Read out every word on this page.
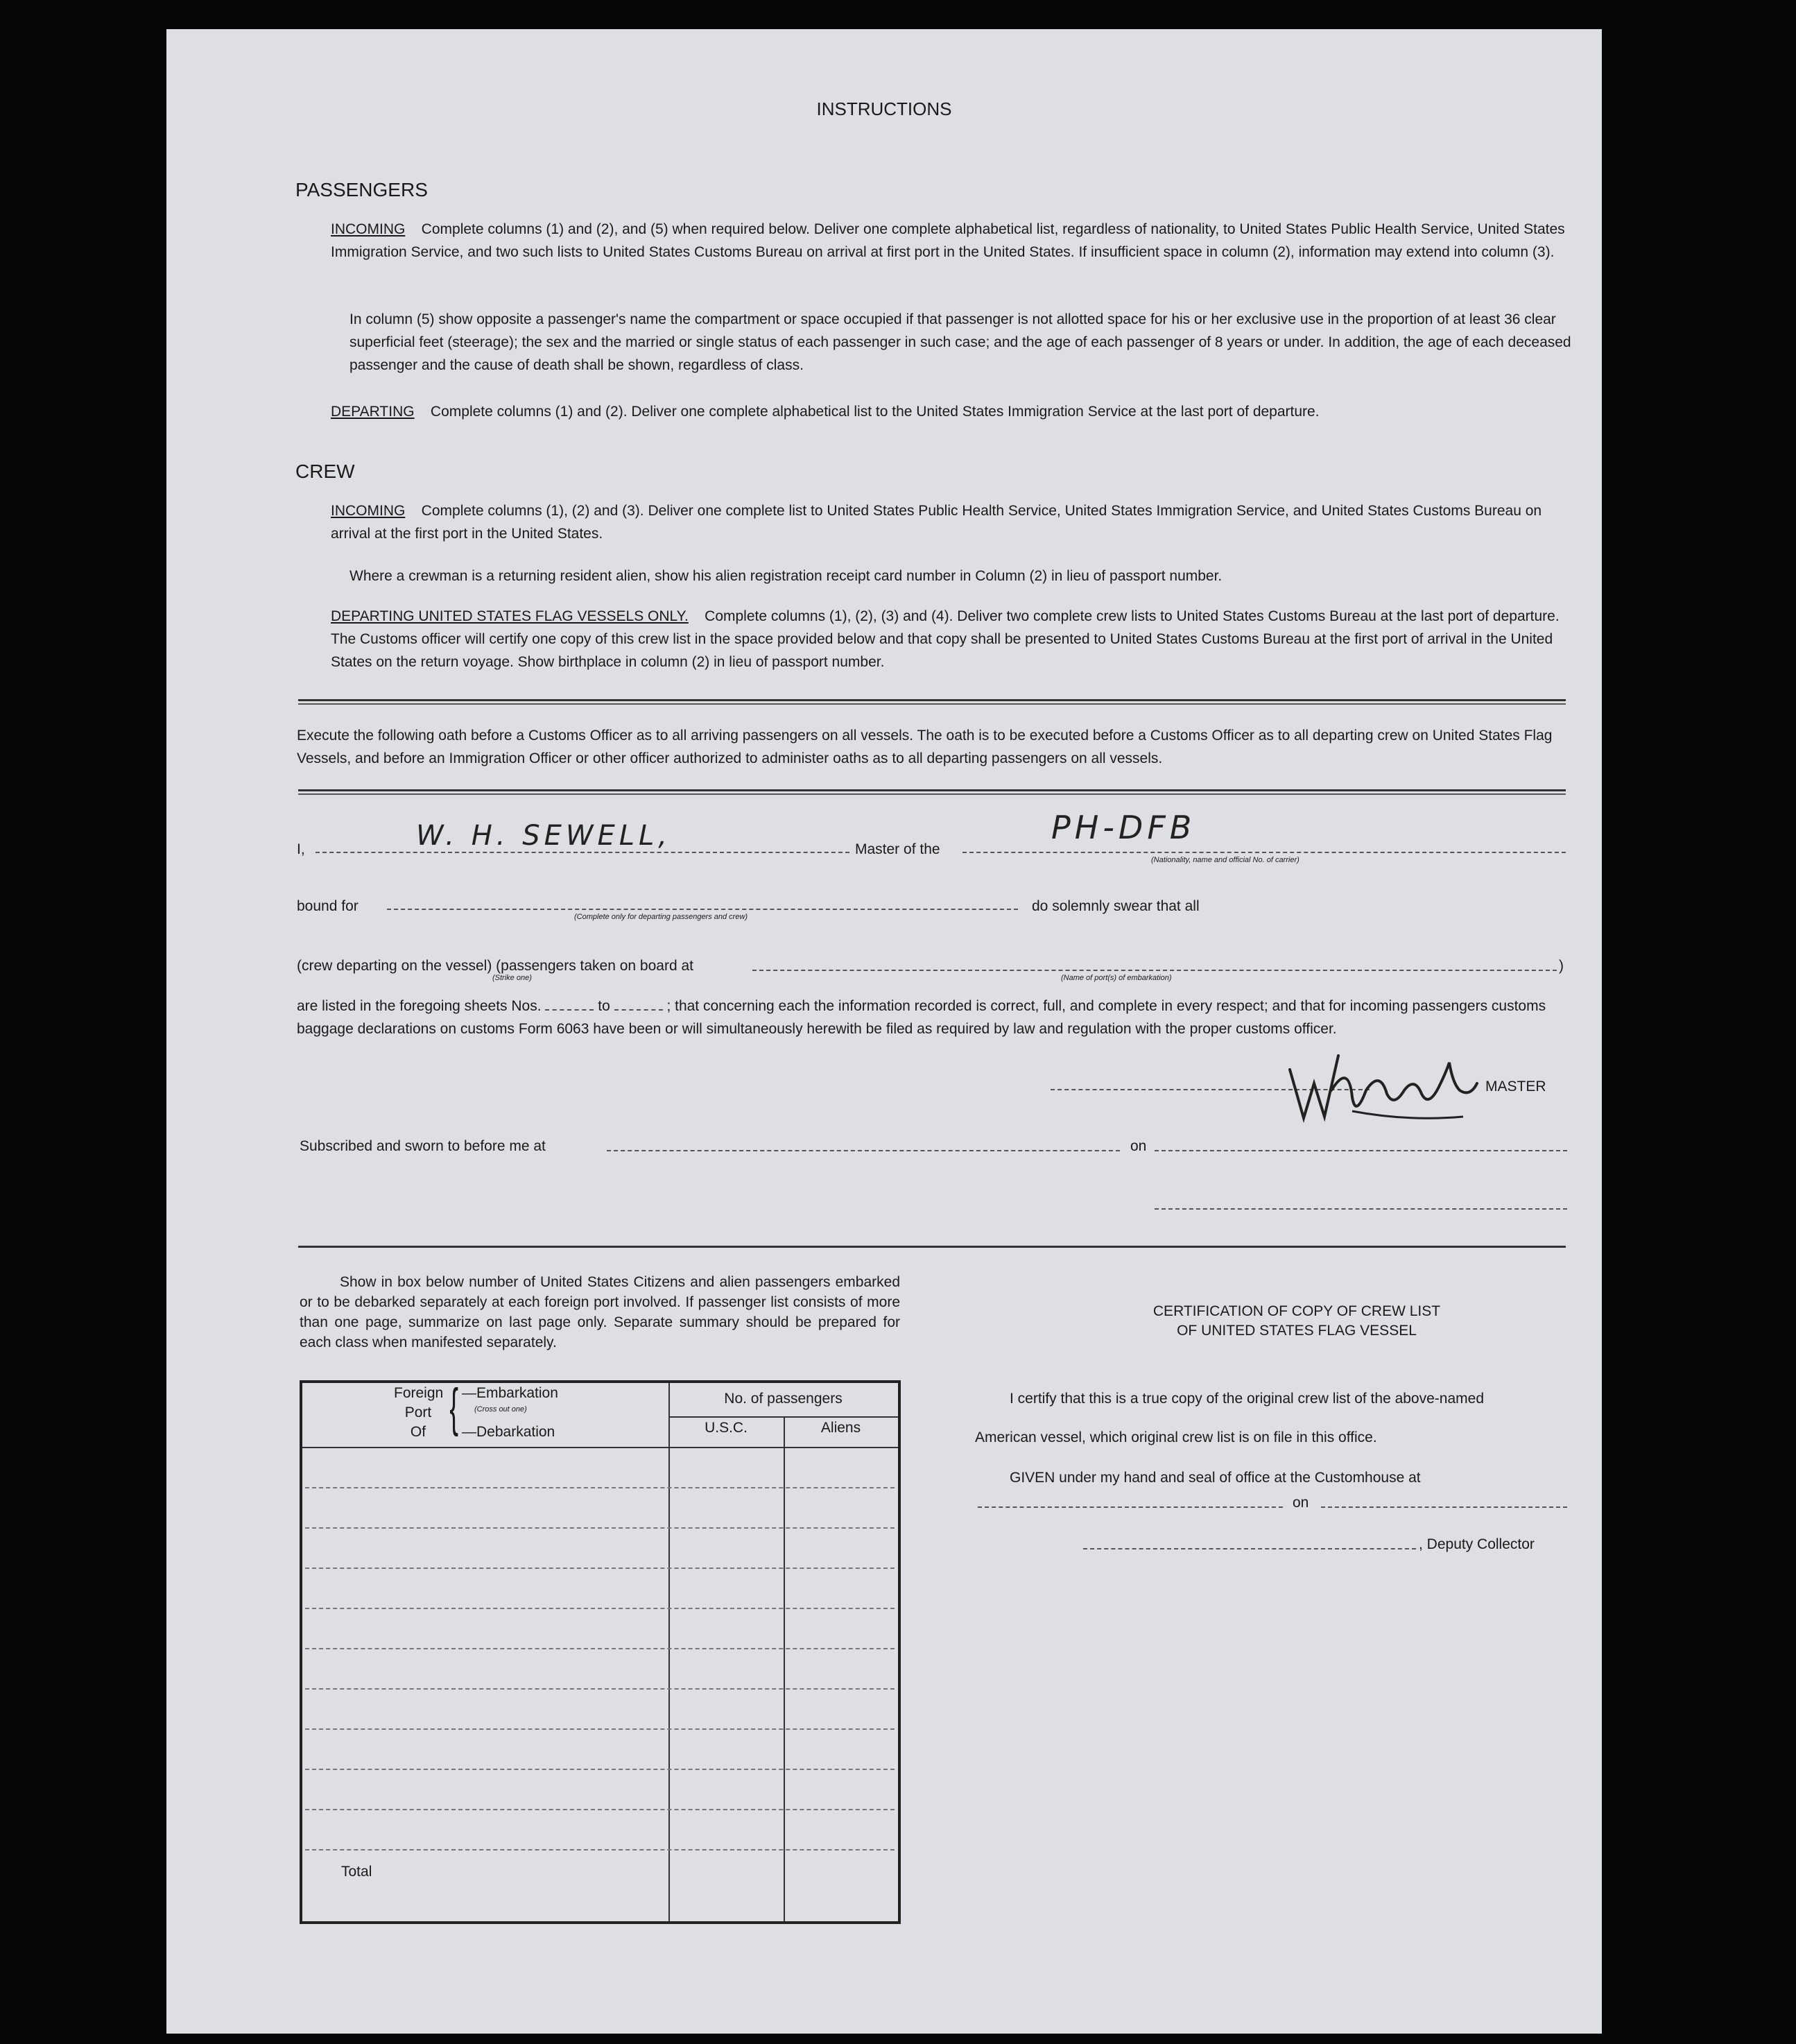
INSTRUCTIONS
PASSENGERS
INCOMING Complete columns (1) and (2), and (5) when required below. Deliver one complete alphabetical list, regardless of nationality, to United States Public Health Service, United States Immigration Service, and two such lists to United States Customs Bureau on arrival at first port in the United States. If insufficient space in column (2), information may extend into column (3).
In column (5) show opposite a passenger's name the compartment or space occupied if that passenger is not allotted space for his or her exclusive use in the proportion of at least 36 clear superficial feet (steerage); the sex and the married or single status of each passenger in such case; and the age of each passenger of 8 years or under. In addition, the age of each deceased passenger and the cause of death shall be shown, regardless of class.
DEPARTING Complete columns (1) and (2). Deliver one complete alphabetical list to the United States Immigration Service at the last port of departure.
CREW
INCOMING Complete columns (1), (2) and (3). Deliver one complete list to United States Public Health Service, United States Immigration Service, and United States Customs Bureau on arrival at the first port in the United States.
Where a crewman is a returning resident alien, show his alien registration receipt card number in Column (2) in lieu of passport number.
DEPARTING UNITED STATES FLAG VESSELS ONLY. Complete columns (1), (2), (3) and (4). Deliver two complete crew lists to United States Customs Bureau at the last port of departure. The Customs officer will certify one copy of this crew list in the space provided below and that copy shall be presented to United States Customs Bureau at the first port of arrival in the United States on the return voyage. Show birthplace in column (2) in lieu of passport number.
Execute the following oath before a Customs Officer as to all arriving passengers on all vessels. The oath is to be executed before a Customs Officer as to all departing crew on United States Flag Vessels, and before an Immigration Officer or other officer authorized to administer oaths as to all departing passengers on all vessels.
I,	W. H. SEWELL,	Master of the
PH-DFB
(Nationality, name and official No. of carrier)
bound for
(Complete only for departing passengers and crew)
do solemnly swear that all
(crew departing on the vessel) (passengers taken on board at
(Strike one)	(Name of port(s) of embarkation)
)
are listed in the foregoing sheets Nos.	to	; that concerning each the information recorded is correct, full, and complete in every respect; and that for incoming passengers customs baggage declarations on customs Form 6063 have been or will simultaneously herewith be filed as required by law and regulation with the proper customs officer.
MASTER
Subscribed and sworn to before me at	on
Show in box below number of United States Citizens and alien passengers embarked or to be debarked separately at each foreign port involved. If passenger list consists of more than one page, summarize on last page only. Separate summary should be prepared for each class when manifested separately.
Foreign
Port
Of { —Embarkation
(Cross out one)
—Debarkation
No. of passengers
U.S.C.	Aliens
Total
CERTIFICATION OF COPY OF CREW LIST
OF UNITED STATES FLAG VESSEL
I certify that this is a true copy of the original crew list of the above-named
American vessel, which original crew list is on file in this office.
GIVEN under my hand and seal of office at the Customhouse at
on
, Deputy Collector
